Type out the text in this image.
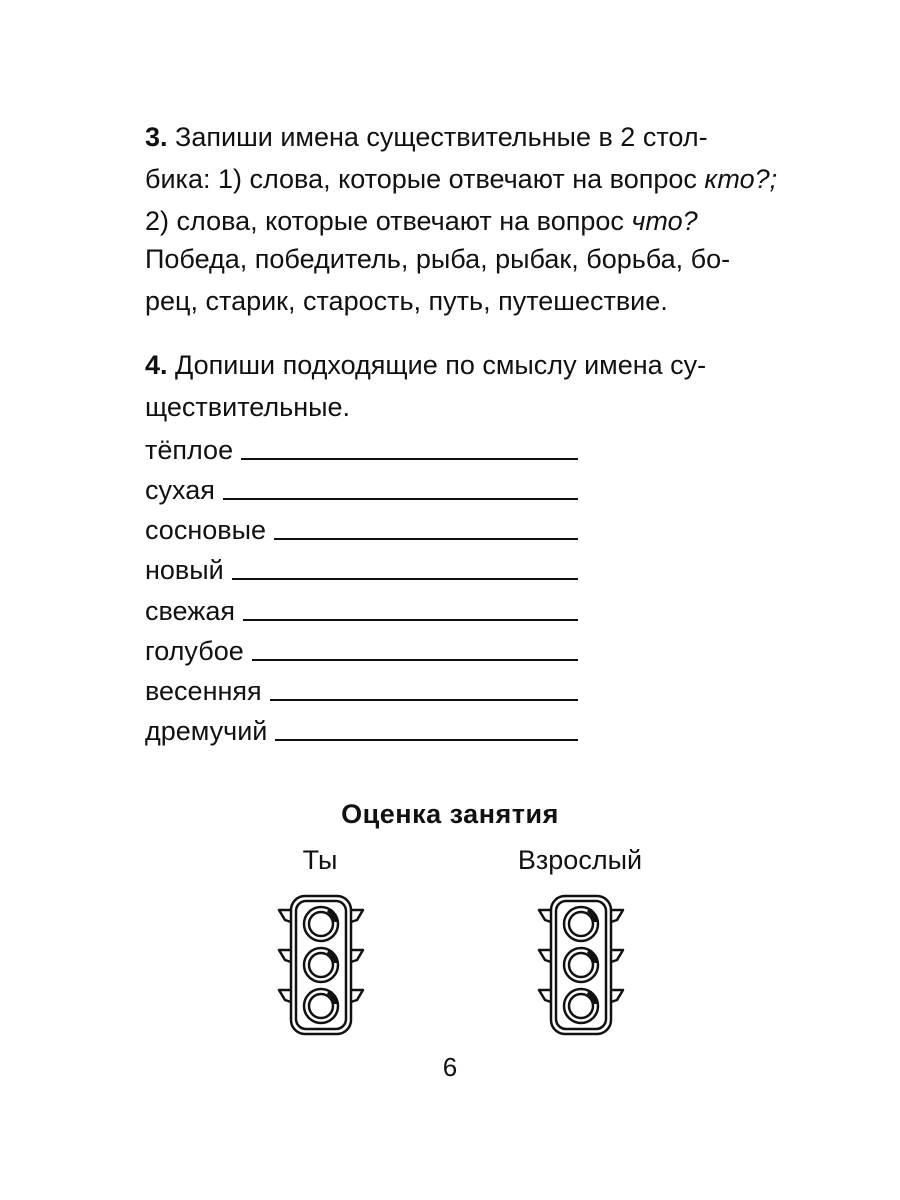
3. Запиши имена существительные в 2 стол-
бика: 1) слова, которые отвечают на вопрос кто?;
2) слова, которые отвечают на вопрос что?

Победа, победитель, рыба, рыбак, борьба, бо-
рец, старик, старость, путь, путешествие.

4. Допиши подходящие по смыслу имена су-
ществительные.

тёплое
сухая
сосновые
новый
свежая
голубое
весенняя
дремучий
Оценка занятия
Ты	Взрослый
6
